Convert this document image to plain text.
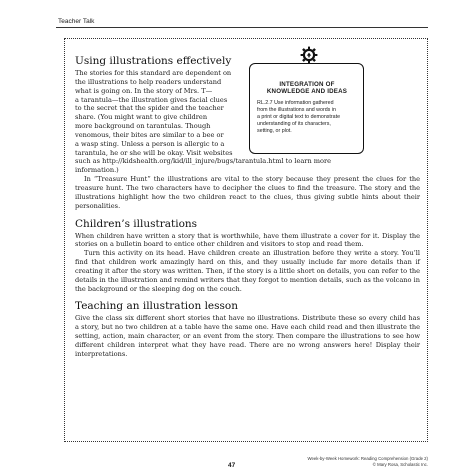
Teacher Talk
INTEGRATION OF
KNOWLEDGE AND IDEAS
RL.2.7 Use information gathered
from the illustrations and words in
a print or digital text to demonstrate
understanding of its characters,
setting, or plot.
Using illustrations effectively
The stories for this standard are dependent on
the illustrations to help readers understand
what is going on. In the story of Mrs. T—
a tarantula—the illustration gives facial clues
to the secret that the spider and the teacher
share. (You might want to give children
more background on tarantulas. Though
venomous, their bites are similar to a bee or
a wasp sting. Unless a person is allergic to a
tarantula, he or she will be okay. Visit websites
such as http://kidshealth.org/kid/ill_injure/bugs/tarantula.html to learn more
information.)

In “Treasure Hunt” the illustrations are vital to the story because they present the clues for the treasure hunt. The two characters have to decipher the clues to find the treasure. The story and the illustrations highlight how the two children react to the clues, thus giving subtle hints about their personalities.

Children’s illustrations

When children have written a story that is worthwhile, have them illustrate a cover for it. Display the stories on a bulletin board to entice other children and visitors to stop and read them.

Turn this activity on its head. Have children create an illustration before they write a story. You’ll find that children work amazingly hard on this, and they usually include far more details than if creating it after the story was written. Then, if the story is a little short on details, you can refer to the details in the illustration and remind writers that they forgot to mention details, such as the volcano in the background or the sleeping dog on the couch.

Teaching an illustration lesson

Give the class six different short stories that have no illustrations. Distribute these so every child has a story, but no two children at a table have the same one. Have each child read and then illustrate the setting, action, main character, or an event from the story. Then compare the illustrations to see how different children interpret what they have read. There are no wrong answers here! Display their interpretations.

47
Week-by-Week Homework: Reading Comprehension (Grade 2)
© Mary Rosa, Scholastic Inc.
